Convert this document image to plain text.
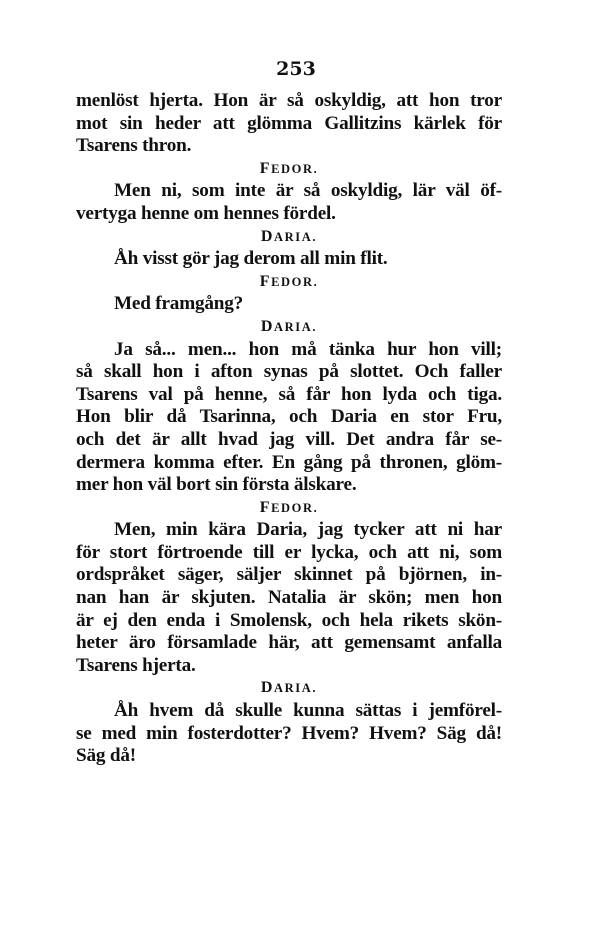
253
menlöst hjerta. Hon är så oskyldig, att hon tror
mot sin heder att glömma Gallitzins kärlek för
Tsarens thron.
FEDOR.
Men ni, som inte är så oskyldig, lär väl öf-
vertyga henne om hennes fördel.
DARIA.
Åh visst gör jag derom all min flit.
FEDOR.
Med framgång?
DARIA.
Ja så... men... hon må tänka hur hon vill;
så skall hon i afton synas på slottet. Och faller
Tsarens val på henne, så får hon lyda och tiga.
Hon blir då Tsarinna, och Daria en stor Fru,
och det är allt hvad jag vill. Det andra får se-
dermera komma efter. En gång på thronen, glöm-
mer hon väl bort sin första älskare.
FEDOR.
Men, min kära Daria, jag tycker att ni har
för stort förtroende till er lycka, och att ni, som
ordspråket säger, säljer skinnet på björnen, in-
nan han är skjuten. Natalia är skön; men hon
är ej den enda i Smolensk, och hela rikets skön-
heter äro församlade här, att gemensamt anfalla
Tsarens hjerta.
DARIA.
Åh hvem då skulle kunna sättas i jemförel-
se med min fosterdotter? Hvem? Hvem? Säg då!
Säg då!
